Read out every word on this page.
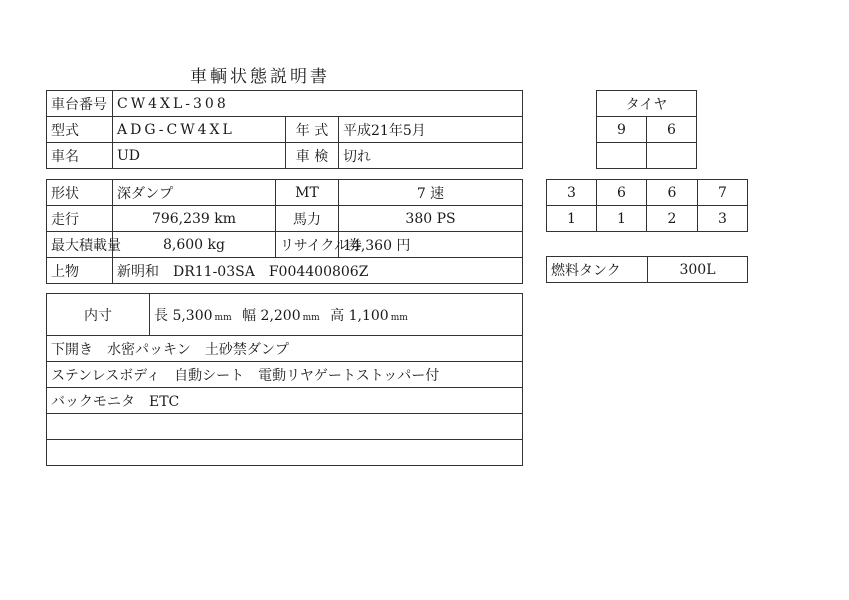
車輌状態説明書
車台番号	CW4XL-308		
型式	ADG-CW4XL	年 式	平成21年5月
車名	UD	車 検	切れ
形状	深ダンプ	MT	7 速
走行	796,239 km	馬力	380 PS
最大積載量	8,600 kg	リサイクル券	14,360 円
上物	新明和　DR11-03SA　F004400806Z		
内寸	長 5,300 mm 幅 2,200 mm 高 1,100 mm
下開き　水密パッキン　土砂禁ダンプ
ステンレスボディ　自動シート　電動リヤゲートストッパー付
バックモニタ　ETC

タイヤ	
9	6

3	6	6	7
1	1	2	3
燃料タンク	300L
